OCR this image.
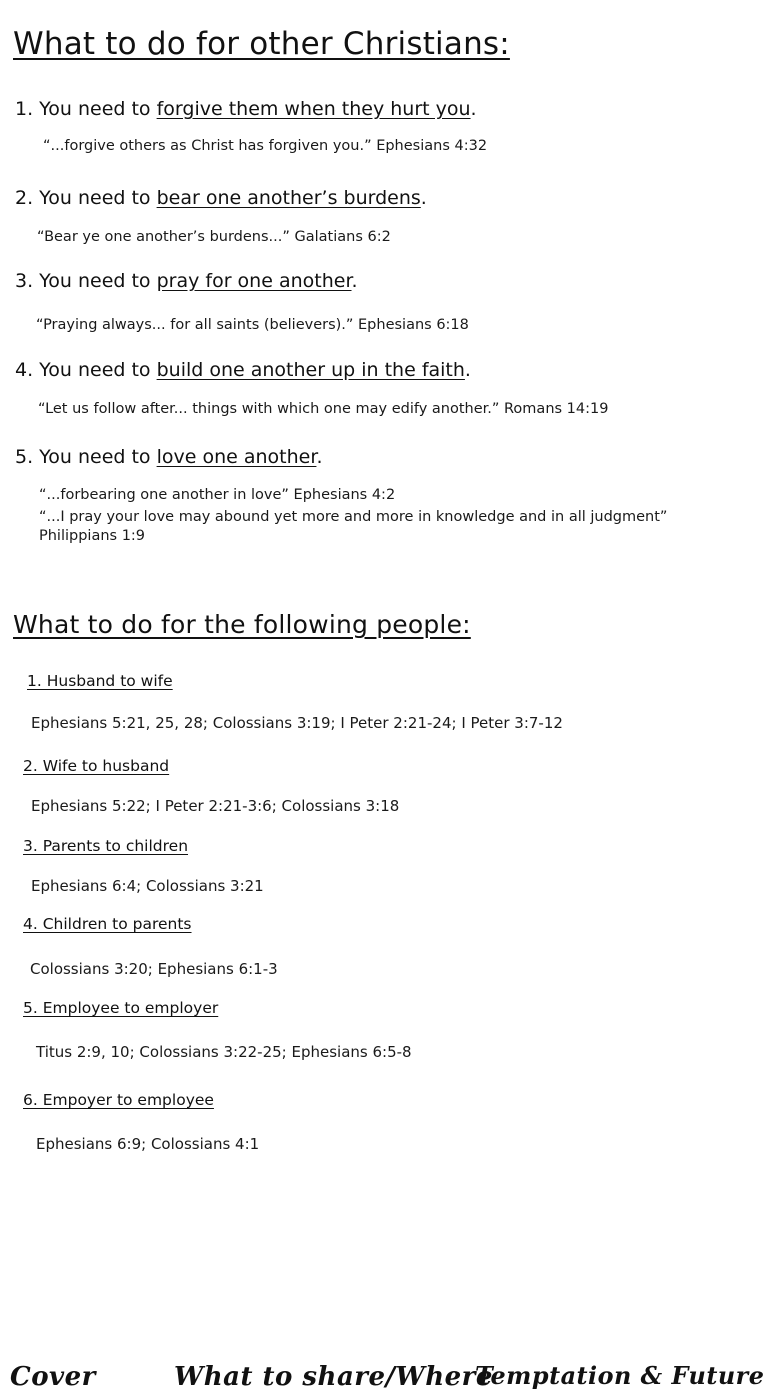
What to do for other Christians:
1. You need to forgive them when they hurt you.
“...forgive others as Christ has forgiven you.” Ephesians 4:32
2. You need to bear one another’s burdens.
“Bear ye one another’s burdens...” Galatians 6:2
3. You need to pray for one another.
“Praying always... for all saints (believers).” Ephesians 6:18
4. You need to build one another up in the faith.
“Let us follow after... things with which one may edify another.” Romans 14:19
5. You need to love one another.
“...forbearing one another in love” Ephesians 4:2
“...I pray your love may abound yet more and more in knowledge and in all judgment”
Philippians 1:9
What to do for the following people:
1. Husband to wife
Ephesians 5:21, 25, 28; Colossians 3:19; I Peter 2:21-24; I Peter 3:7-12
2. Wife to husband
Ephesians 5:22; I Peter 2:21-3:6; Colossians 3:18
3. Parents to children
Ephesians 6:4; Colossians 3:21
4. Children to parents
Colossians 3:20; Ephesians 6:1-3
5. Employee to employer
Titus 2:9, 10; Colossians 3:22-25; Ephesians 6:5-8
6. Empoyer to employee
Ephesians 6:9; Colossians 4:1
Cover	What to share/Where
Temptation & Future
